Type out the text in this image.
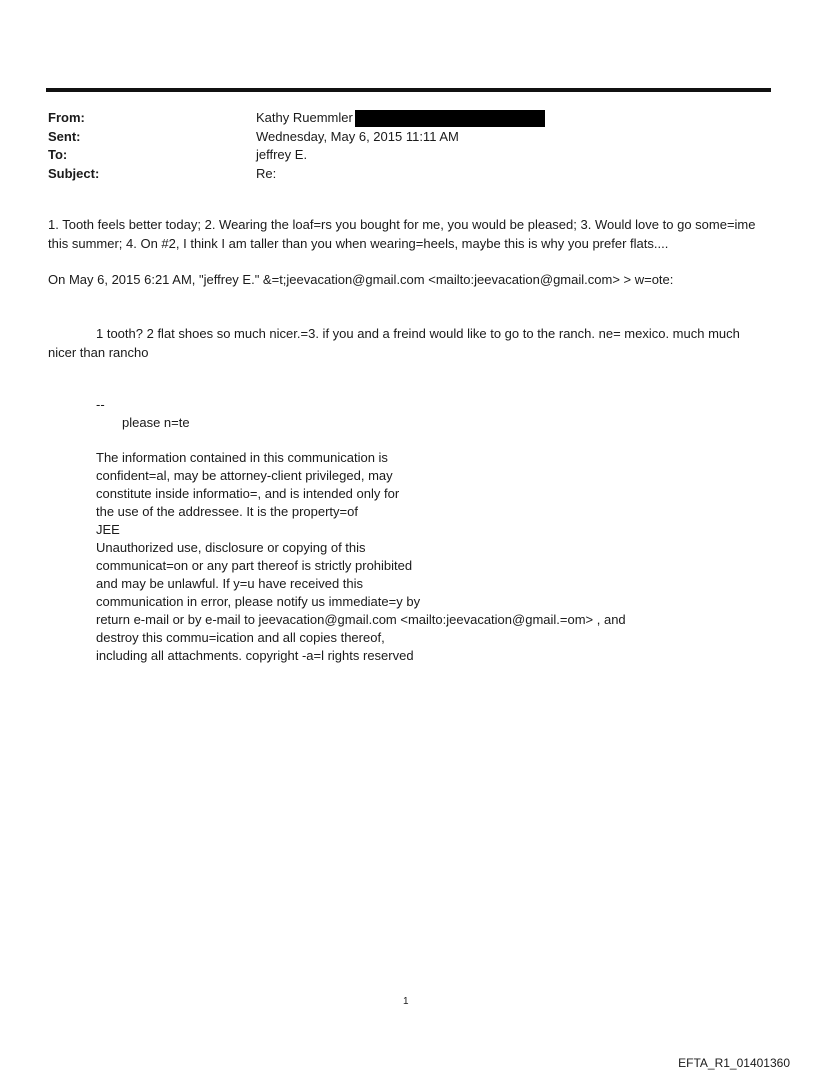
From:	Kathy Ruemmler
Sent:	Wednesday, May 6, 2015 11:11 AM
To:	jeffrey E.
Subject:	Re:
1. Tooth feels better today; 2. Wearing the loaf=rs you bought for me, you would be pleased; 3. Would love to go some=ime this summer; 4. On #2, I think I am taller than you when wearing=heels, maybe this is why you prefer flats....
On May 6, 2015 6:21 AM, "jeffrey E." &=t;jeevacation@gmail.com <mailto:jeevacation@gmail.com> > w=ote:
1 tooth? 2 flat shoes so much nicer.=3. if you and a freind would like to go to the ranch. ne= mexico. much much nicer than rancho
--
please n=te
The information contained in this communication is
confident=al, may be attorney-client privileged, may
constitute inside informatio=, and is intended only for
the use of the addressee. It is the property=of
JEE
Unauthorized use, disclosure or copying of this
communicat=on or any part thereof is strictly prohibited
and may be unlawful. If y=u have received this
communication in error, please notify us immediate=y by
return e-mail or by e-mail to jeevacation@gmail.com <mailto:jeevacation@gmail.=om> , and
destroy this commu=ication and all copies thereof,
including all attachments. copyright -a=l rights reserved
1
EFTA_R1_01401360
